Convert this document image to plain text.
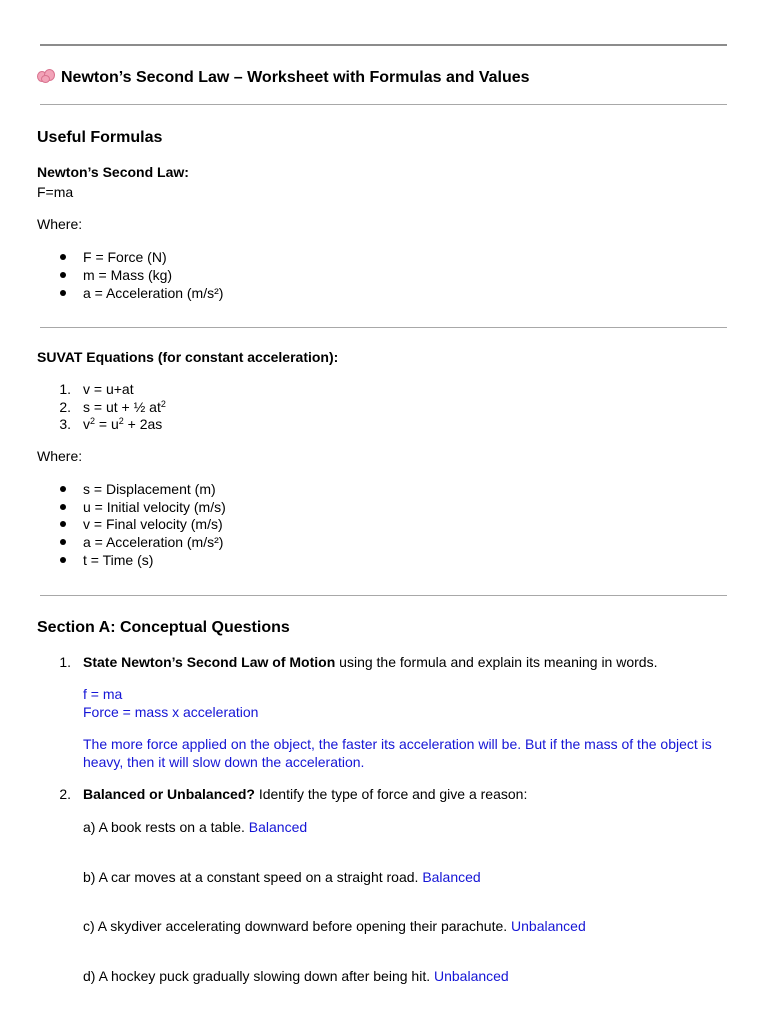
Newton’s Second Law – Worksheet with Formulas and Values
Useful Formulas
Newton’s Second Law:
F=ma
Where:
F = Force (N)
m = Mass (kg)
a = Acceleration (m/s²)
SUVAT Equations (for constant acceleration):
1. v = u+at
2. s = ut + ½ $at^2$
3. $v^2 = u^2 + 2as$
Where:
s = Displacement (m)
u = Initial velocity (m/s)
v = Final velocity (m/s)
a = Acceleration (m/s²)
t = Time (s)
Section A: Conceptual Questions
1. State Newton’s Second Law of Motion using the formula and explain its meaning in words.
f = ma
Force = mass x acceleration
The more force applied on the object, the faster its acceleration will be. But if the mass of the object is
heavy, then it will slow down the acceleration.
2. Balanced or Unbalanced? Identify the type of force and give a reason:
a) A book rests on a table. Balanced
b) A car moves at a constant speed on a straight road. Balanced
c) A skydiver accelerating downward before opening their parachute. Unbalanced
d) A hockey puck gradually slowing down after being hit. Unbalanced
